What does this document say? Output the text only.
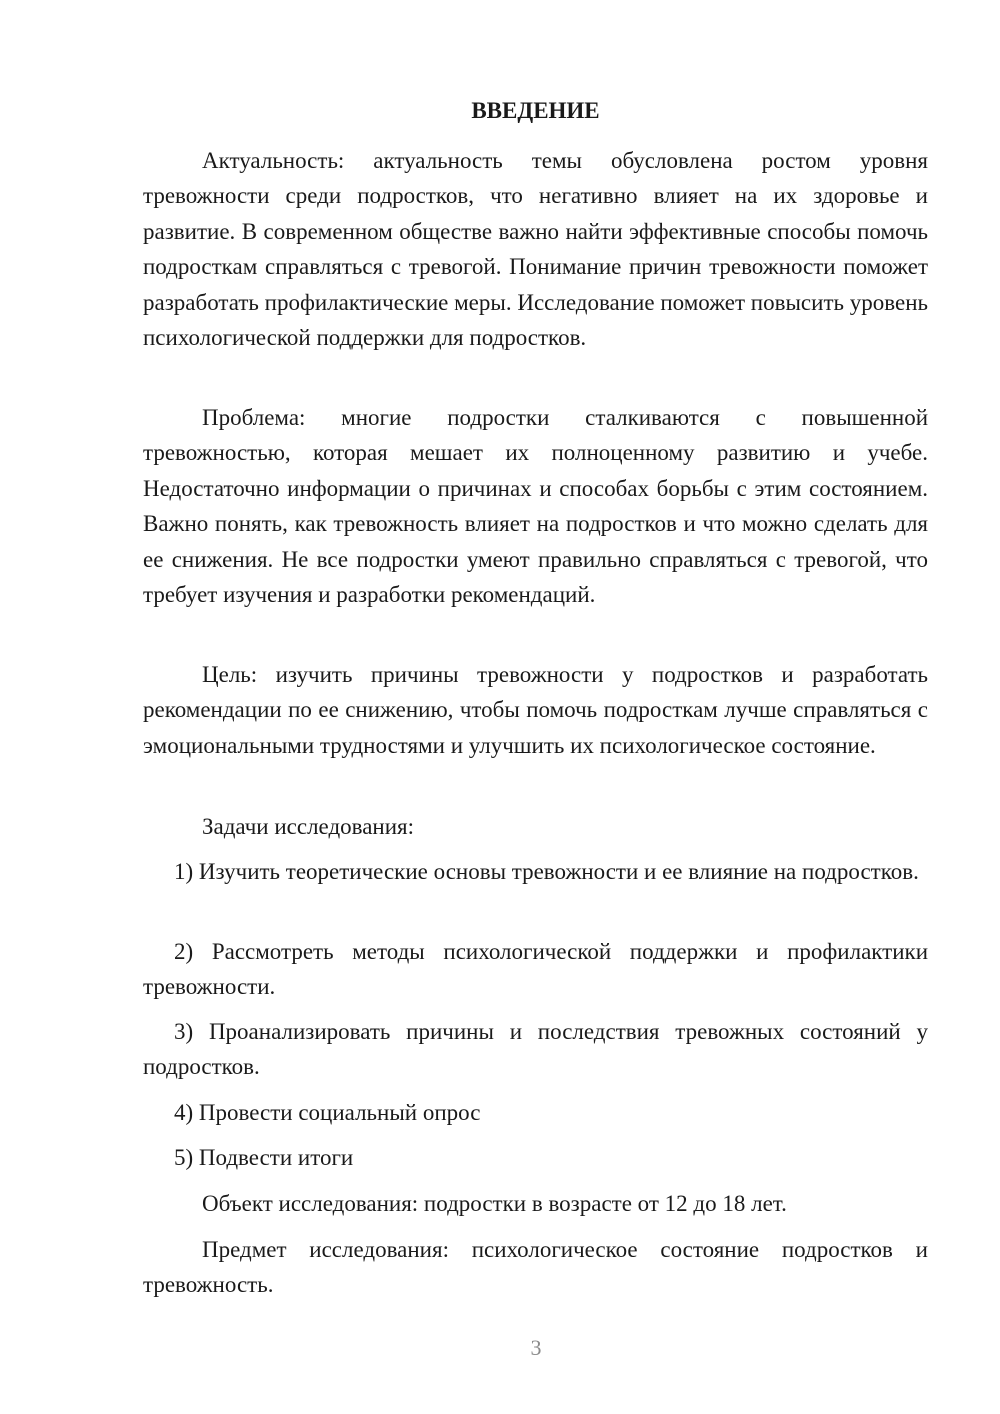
ВВЕДЕНИЕ

Актуальность: актуальность темы обусловлена ростом уровня тревожности среди подростков, что негативно влияет на их здоровье и развитие. В современном обществе важно найти эффективные способы помочь подросткам справляться с тревогой. Понимание причин тревожности поможет разработать профилактические меры. Исследование поможет повысить уровень психологической поддержки для подростков.

Проблема: многие подростки сталкиваются с повышенной тревожностью, которая мешает их полноценному развитию и учебе. Недостаточно информации о причинах и способах борьбы с этим состоянием. Важно понять, как тревожность влияет на подростков и что можно сделать для ее снижения. Не все подростки умеют правильно справляться с тревогой, что требует изучения и разработки рекомендаций.

Цель: изучить причины тревожности у подростков и разработать рекомендации по ее снижению, чтобы помочь подросткам лучше справляться с эмоциональными трудностями и улучшить их психологическое состояние.

Задачи исследования:

1) Изучить теоретические основы тревожности и ее влияние на подростков.

2) Рассмотреть методы психологической поддержки и профилактики тревожности.

3) Проанализировать причины и последствия тревожных состояний у подростков.

4) Провести социальный опрос

5) Подвести итоги

Объект исследования: подростки в возрасте от 12 до 18 лет.

Предмет исследования: психологическое состояние подростков и тревожность.

3
